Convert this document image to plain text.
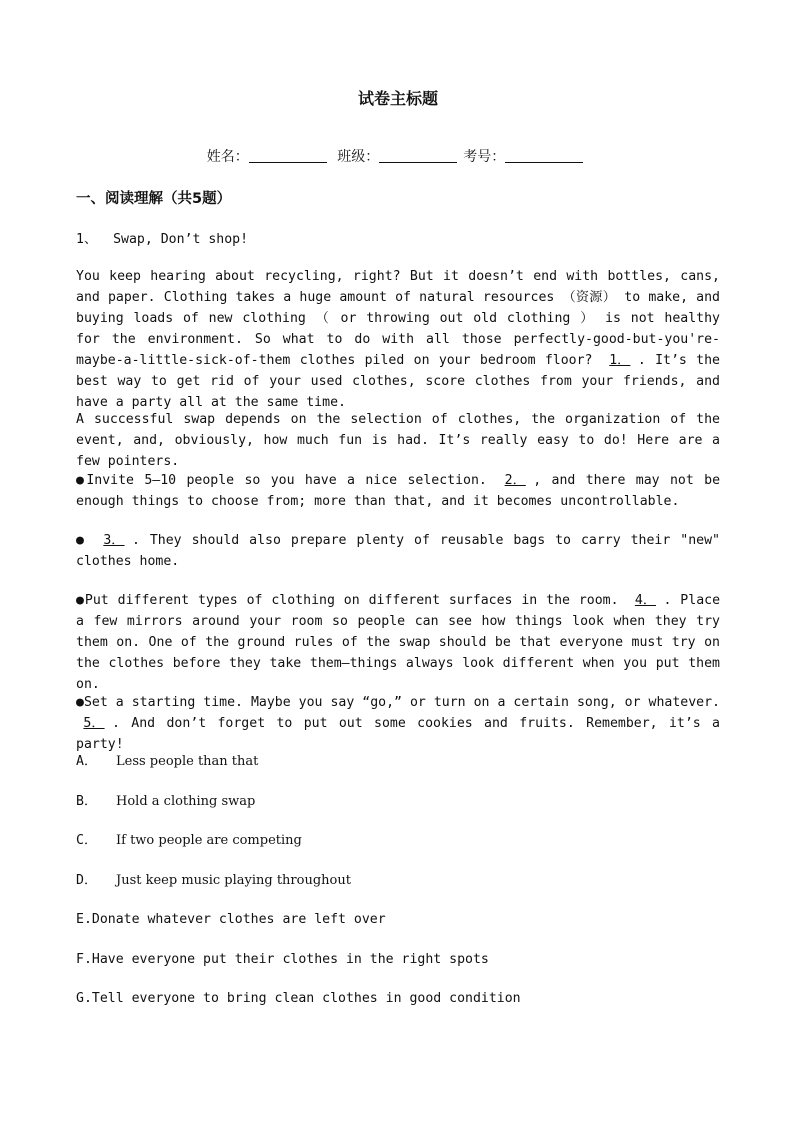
试卷主标题
姓名：	班级：	考号：
一、阅读理解（共5题）
1、 Swap, Don’t shop!
You keep hearing about recycling, right? But it doesn’t end with bottles, cans, and paper. Clothing takes a huge amount of natural resources （资源） to make, and buying loads of new clothing （ or throwing out old clothing ） is not healthy for the environment. So what to do with all those perfectly-good-but-you're-maybe-a-little-sick-of-them clothes piled on your bedroom floor? 1． . It’s the best way to get rid of your used clothes, score clothes from your friends, and have a party all at the same time.
A successful swap depends on the selection of clothes, the organization of the event, and, obviously, how much fun is had. It’s really easy to do! Here are a few pointers.
●Invite 5—10 people so you have a nice selection. 2． , and there may not be enough things to choose from; more than that, and it becomes uncontrollable.
● 3． . They should also prepare plenty of reusable bags to carry their "new" clothes home.
●Put different types of clothing on different surfaces in the room. 4． . Place a few mirrors around your room so people can see how things look when they try them on. One of the ground rules of the swap should be that everyone must try on the clothes before they take them—things always look different when you put them on.
●Set a starting time. Maybe you say “go,” or turn on a certain song, or whatever. 5． . And don’t forget to put out some cookies and fruits. Remember, it’s a party!
A． Less people than that
B． Hold a clothing swap
C． If two people are competing
D． Just keep music playing throughout
E.Donate whatever clothes are left over
F.Have everyone put their clothes in the right spots
G.Tell everyone to bring clean clothes in good condition
